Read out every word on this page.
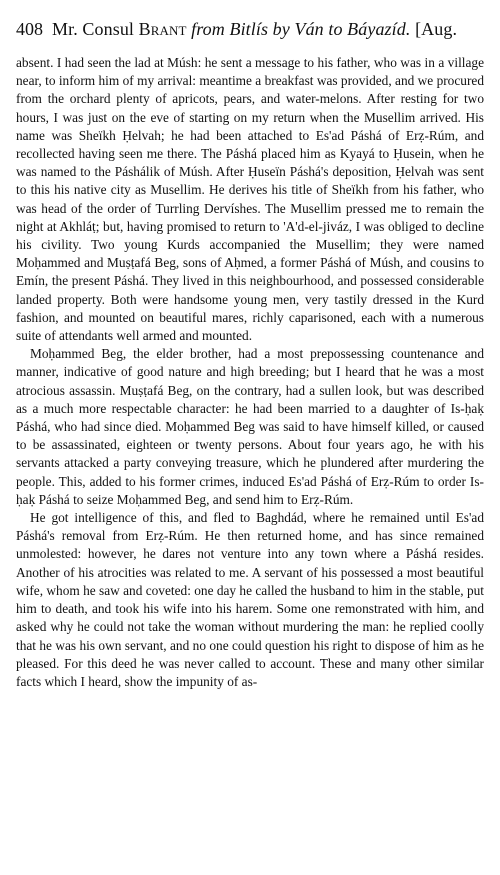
408 Mr. Consul Brant from Bitlís by Ván to Báyazíd. [Aug.

absent. I had seen the lad at Músh: he sent a message to his father, who was in a village near, to inform him of my arrival: meantime a breakfast was provided, and we procured from the orchard plenty of apricots, pears, and water-melons. After resting for two hours, I was just on the eve of starting on my return when the Musellim arrived. His name was Sheïkh Ḥelvah; he had been attached to Es'ad Páshá of Erẓ-Rúm, and recollected having seen me there. The Páshá placed him as Kyayá to Ḥusein, when he was named to the Páshálik of Músh. After Ḥuseïn Páshá's deposition, Ḥelvah was sent to this his native city as Musellim. He derives his title of Sheïkh from his father, who was head of the order of Turrling Dervíshes. The Musellim pressed me to remain the night at Akhláṭ; but, having promised to return to 'A'd-el-jiváz, I was obliged to decline his civility. Two young Kurds accompanied the Musellim; they were named Moḥammed and Muṣṭafá Beg, sons of Aḥmed, a former Páshá of Músh, and cousins to Emín, the present Páshá. They lived in this neighbourhood, and possessed considerable landed property. Both were handsome young men, very tastily dressed in the Kurd fashion, and mounted on beautiful mares, richly caparisoned, each with a numerous suite of attendants well armed and mounted.

Moḥammed Beg, the elder brother, had a most prepossessing countenance and manner, indicative of good nature and high breeding; but I heard that he was a most atrocious assassin. Muṣṭafá Beg, on the contrary, had a sullen look, but was described as a much more respectable character: he had been married to a daughter of Is-ḥaḳ Páshá, who had since died. Moḥammed Beg was said to have himself killed, or caused to be assassinated, eighteen or twenty persons. About four years ago, he with his servants attacked a party conveying treasure, which he plundered after murdering the people. This, added to his former crimes, induced Es'ad Páshá of Erẓ-Rúm to order Is-ḥaḳ Páshá to seize Moḥammed Beg, and send him to Erẓ-Rúm.

He got intelligence of this, and fled to Baghdád, where he remained until Es'ad Páshá's removal from Erẓ-Rúm. He then returned home, and has since remained unmolested: however, he dares not venture into any town where a Páshá resides. Another of his atrocities was related to me. A servant of his possessed a most beautiful wife, whom he saw and coveted: one day he called the husband to him in the stable, put him to death, and took his wife into his harem. Some one remonstrated with him, and asked why he could not take the woman without murdering the man: he replied coolly that he was his own servant, and no one could question his right to dispose of him as he pleased. For this deed he was never called to account. These and many other similar facts which I heard, show the impunity of as-
